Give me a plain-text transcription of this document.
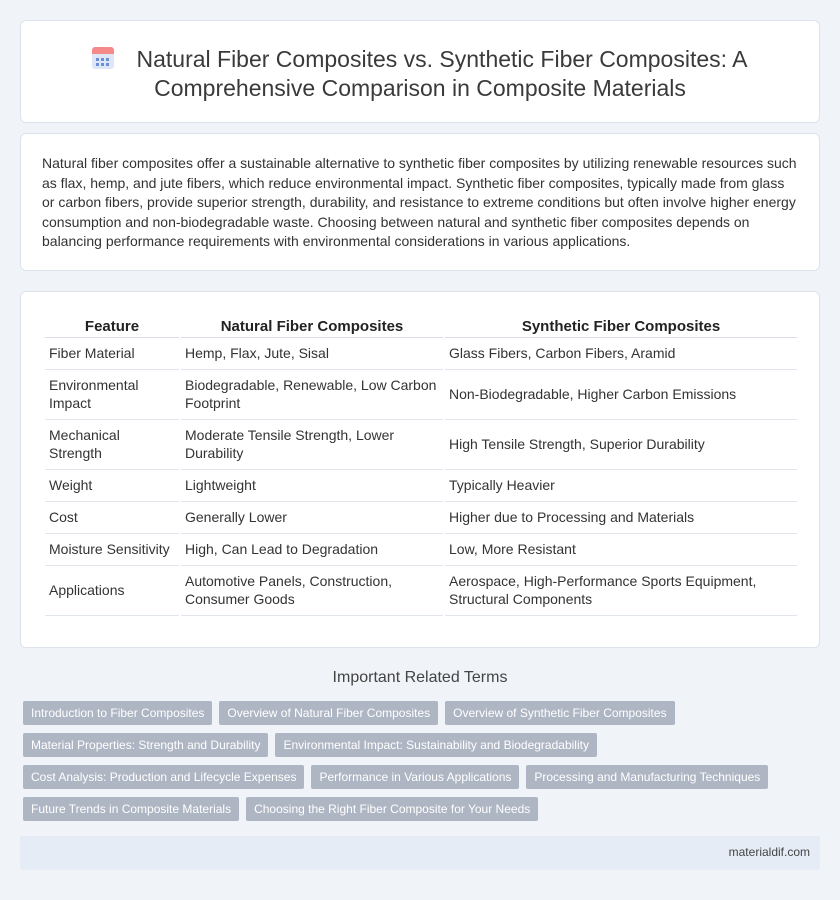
Natural Fiber Composites vs. Synthetic Fiber Composites: A Comprehensive Comparison in Composite Materials

Natural fiber composites offer a sustainable alternative to synthetic fiber composites by utilizing renewable resources such as flax, hemp, and jute fibers, which reduce environmental impact. Synthetic fiber composites, typically made from glass or carbon fibers, provide superior strength, durability, and resistance to extreme conditions but often involve higher energy consumption and non-biodegradable waste. Choosing between natural and synthetic fiber composites depends on balancing performance requirements with environmental considerations in various applications.

Feature	Natural Fiber Composites	Synthetic Fiber Composites
Fiber Material	Hemp, Flax, Jute, Sisal	Glass Fibers, Carbon Fibers, Aramid
Environmental Impact	Biodegradable, Renewable, Low Carbon Footprint	Non-Biodegradable, Higher Carbon Emissions
Mechanical Strength	Moderate Tensile Strength, Lower Durability	High Tensile Strength, Superior Durability
Weight	Lightweight	Typically Heavier
Cost	Generally Lower	Higher due to Processing and Materials
Moisture Sensitivity	High, Can Lead to Degradation	Low, More Resistant
Applications	Automotive Panels, Construction, Consumer Goods	Aerospace, High-Performance Sports Equipment, Structural Components
Important Related Terms
Introduction to Fiber Composites	Overview of Natural Fiber Composites	Overview of Synthetic Fiber Composites
Material Properties: Strength and Durability	Environmental Impact: Sustainability and Biodegradability
Cost Analysis: Production and Lifecycle Expenses	Performance in Various Applications	Processing and Manufacturing Techniques
Future Trends in Composite Materials	Choosing the Right Fiber Composite for Your Needs
materialdif.com
